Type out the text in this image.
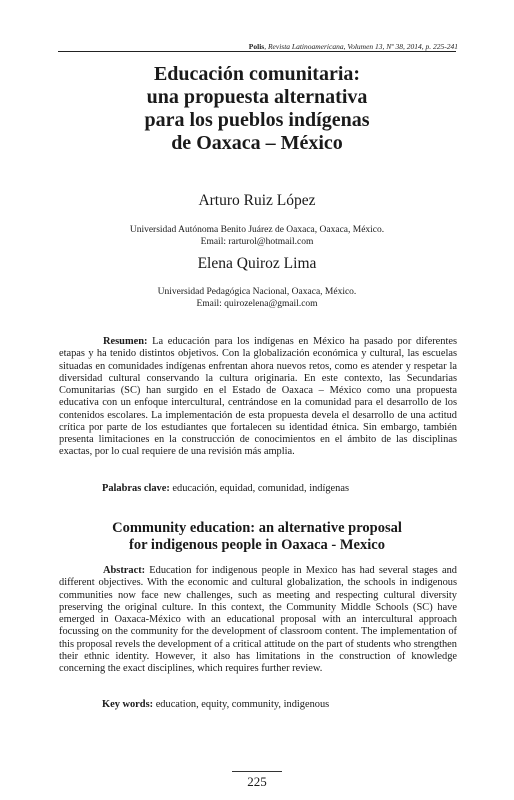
Polis, Revista Latinoamericana, Volumen 13, Nº 38, 2014, p. 225-241
Educación comunitaria:
una propuesta alternativa
para los pueblos indígenas
de Oaxaca – México

Arturo Ruiz López

Universidad Autónoma Benito Juárez de Oaxaca, Oaxaca, México.
Email: rarturol@hotmail.com

Elena Quiroz Lima

Universidad Pedagógica Nacional, Oaxaca, México.
Email: quirozelena@gmail.com

Resumen: La educación para los indígenas en México ha pasado por diferentes etapas y ha tenido distintos objetivos. Con la globalización económica y cultural, las escuelas situadas en comunidades indígenas enfrentan ahora nuevos retos, como es atender y respetar la diversidad cultural conservando la cultura originaria. En este contexto, las Secundarias Comunitarias (SC) han surgido en el Estado de Oaxaca – México como una propuesta educativa con un enfoque intercultural, centrándose en la comunidad para el desarrollo de los contenidos escolares. La implementación de esta propuesta devela el desarrollo de una actitud crítica por parte de los estudiantes que fortalecen su identidad étnica. Sin embargo, también presenta limitaciones en la construcción de conocimientos en el ámbito de las disciplinas exactas, por lo cual requiere de una revisión más amplia.

Palabras clave: educación, equidad, comunidad, indígenas

Community education: an alternative proposal
for indigenous people in Oaxaca - Mexico

Abstract: Education for indigenous people in Mexico has had several stages and different objectives. With the economic and cultural globalization, the schools in indigenous communities now face new challenges, such as meeting and respecting cultural diversity preserving the original culture. In this context, the Community Middle Schools (SC) have emerged in Oaxaca-México with an educational proposal with an intercultural approach focussing on the community for the development of classroom content. The implementation of this proposal revels the development of a critical attitude on the part of students who strengthen their ethnic identity. However, it also has limitations in the construction of knowledge concerning the exact disciplines, which requires further review.

Key words: education, equity, community, indigenous

225
